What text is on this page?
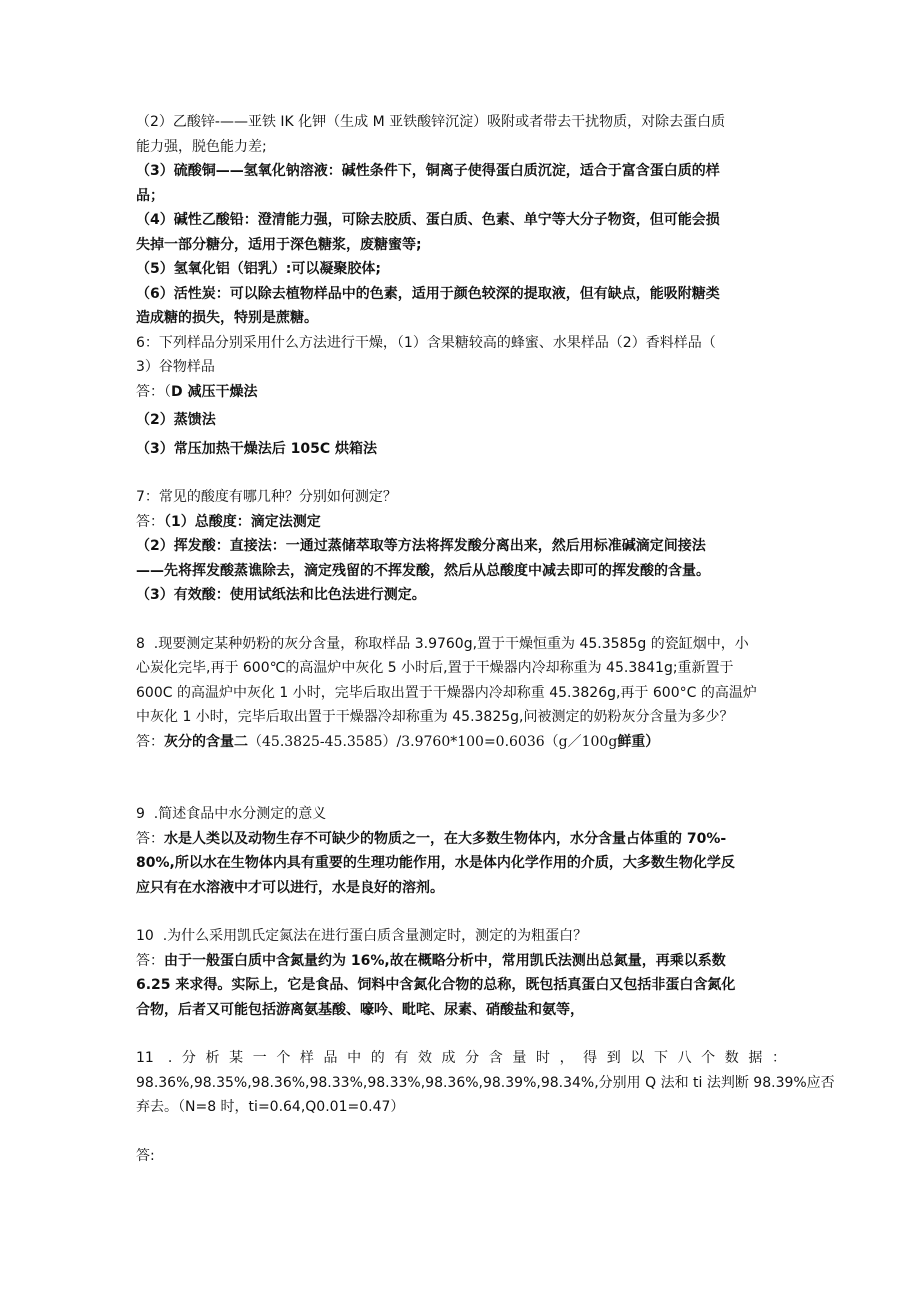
（2）乙酸锌-——亚铁 IK 化钾（生成 M 亚铁酸锌沉淀）吸附或者带去干扰物质，对除去蛋白质
能力强，脱色能力差;
（3）硫酸铜——氢氧化钠溶液：碱性条件下，铜离子使得蛋白质沉淀，适合于富含蛋白质的样
品；
（4）碱性乙酸铅：澄清能力强，可除去胶质、蛋白质、色素、单宁等大分子物资，但可能会损
失掉一部分糖分，适用于深色糖浆，废糖蜜等;
（5）氢氧化铝（铝乳）:可以凝聚胶体;
（6）活性炭：可以除去植物样品中的色素，适用于颜色较深的提取液，但有缺点，能吸附糖类
造成糖的损失，特别是蔗糖。
6：下列样品分别采用什么方法进行干燥，（1）含果糖较高的蜂蜜、水果样品（2）香料样品（
3）谷物样品
答：（D 减压干燥法
（2）蒸馈法
（3）常压加热干燥法后 105C 烘箱法
7：常见的酸度有哪几种？分别如何测定？
答：（1）总酸度：滴定法测定
（2）挥发酸：直接法：一通过蒸储萃取等方法将挥发酸分离出来，然后用标准碱滴定间接法
——先将挥发酸蒸谯除去，滴定残留的不挥发酸，然后从总酸度中减去即可的挥发酸的含量。
（3）有效酸：使用试纸法和比色法进行测定。
8  .现要测定某种奶粉的灰分含量，称取样品 3.9760g,置于干燥恒重为 45.3585g 的瓷缸烟中，小
心炭化完毕,再于 600℃的高温炉中灰化 5 小时后,置于干燥器内冷却称重为 45.3841g;重新置于
600C 的高温炉中灰化 1 小时，完毕后取出置于干燥器内冷却称重 45.3826g,再于 600°C 的高温炉
中灰化 1 小时，完毕后取出置于干燥器冷却称重为 45.3825g,问被测定的奶粉灰分含量为多少？
答：灰分的含量二（45.3825-45.3585）/3.9760*100=0.6036（g／100g鲜重）
9  .简述食品中水分测定的意义
答：水是人类以及动物生存不可缺少的物质之一，在大多数生物体内，水分含量占体重的 70%-
80%,所以水在生物体内具有重要的生理功能作用，水是体内化学作用的介质，大多数生物化学反
应只有在水溶液中才可以进行，水是良好的溶剂。
10  .为什么采用凯氏定氮法在进行蛋白质含量测定时，测定的为粗蛋白？
答：由于一般蛋白质中含氮量约为 16%,故在概略分析中，常用凯氏法测出总氮量，再乘以系数
6.25 来求得。实际上，它是食品、饲料中含氮化合物的总称，既包括真蛋白又包括非蛋白含氮化
合物，后者又可能包括游离氨基酸、嚎吟、毗咤、尿素、硝酸盐和氨等，
11 .分析某一个样品中的有效成分含量时，得到以下八个数据：
98.36%,98.35%,98.36%,98.33%,98.33%,98.36%,98.39%,98.34%,分别用 Q 法和 ti 法判断 98.39%应否
弃去。（N=8 时，ti=0.64,Q0.01=0.47）
答:
